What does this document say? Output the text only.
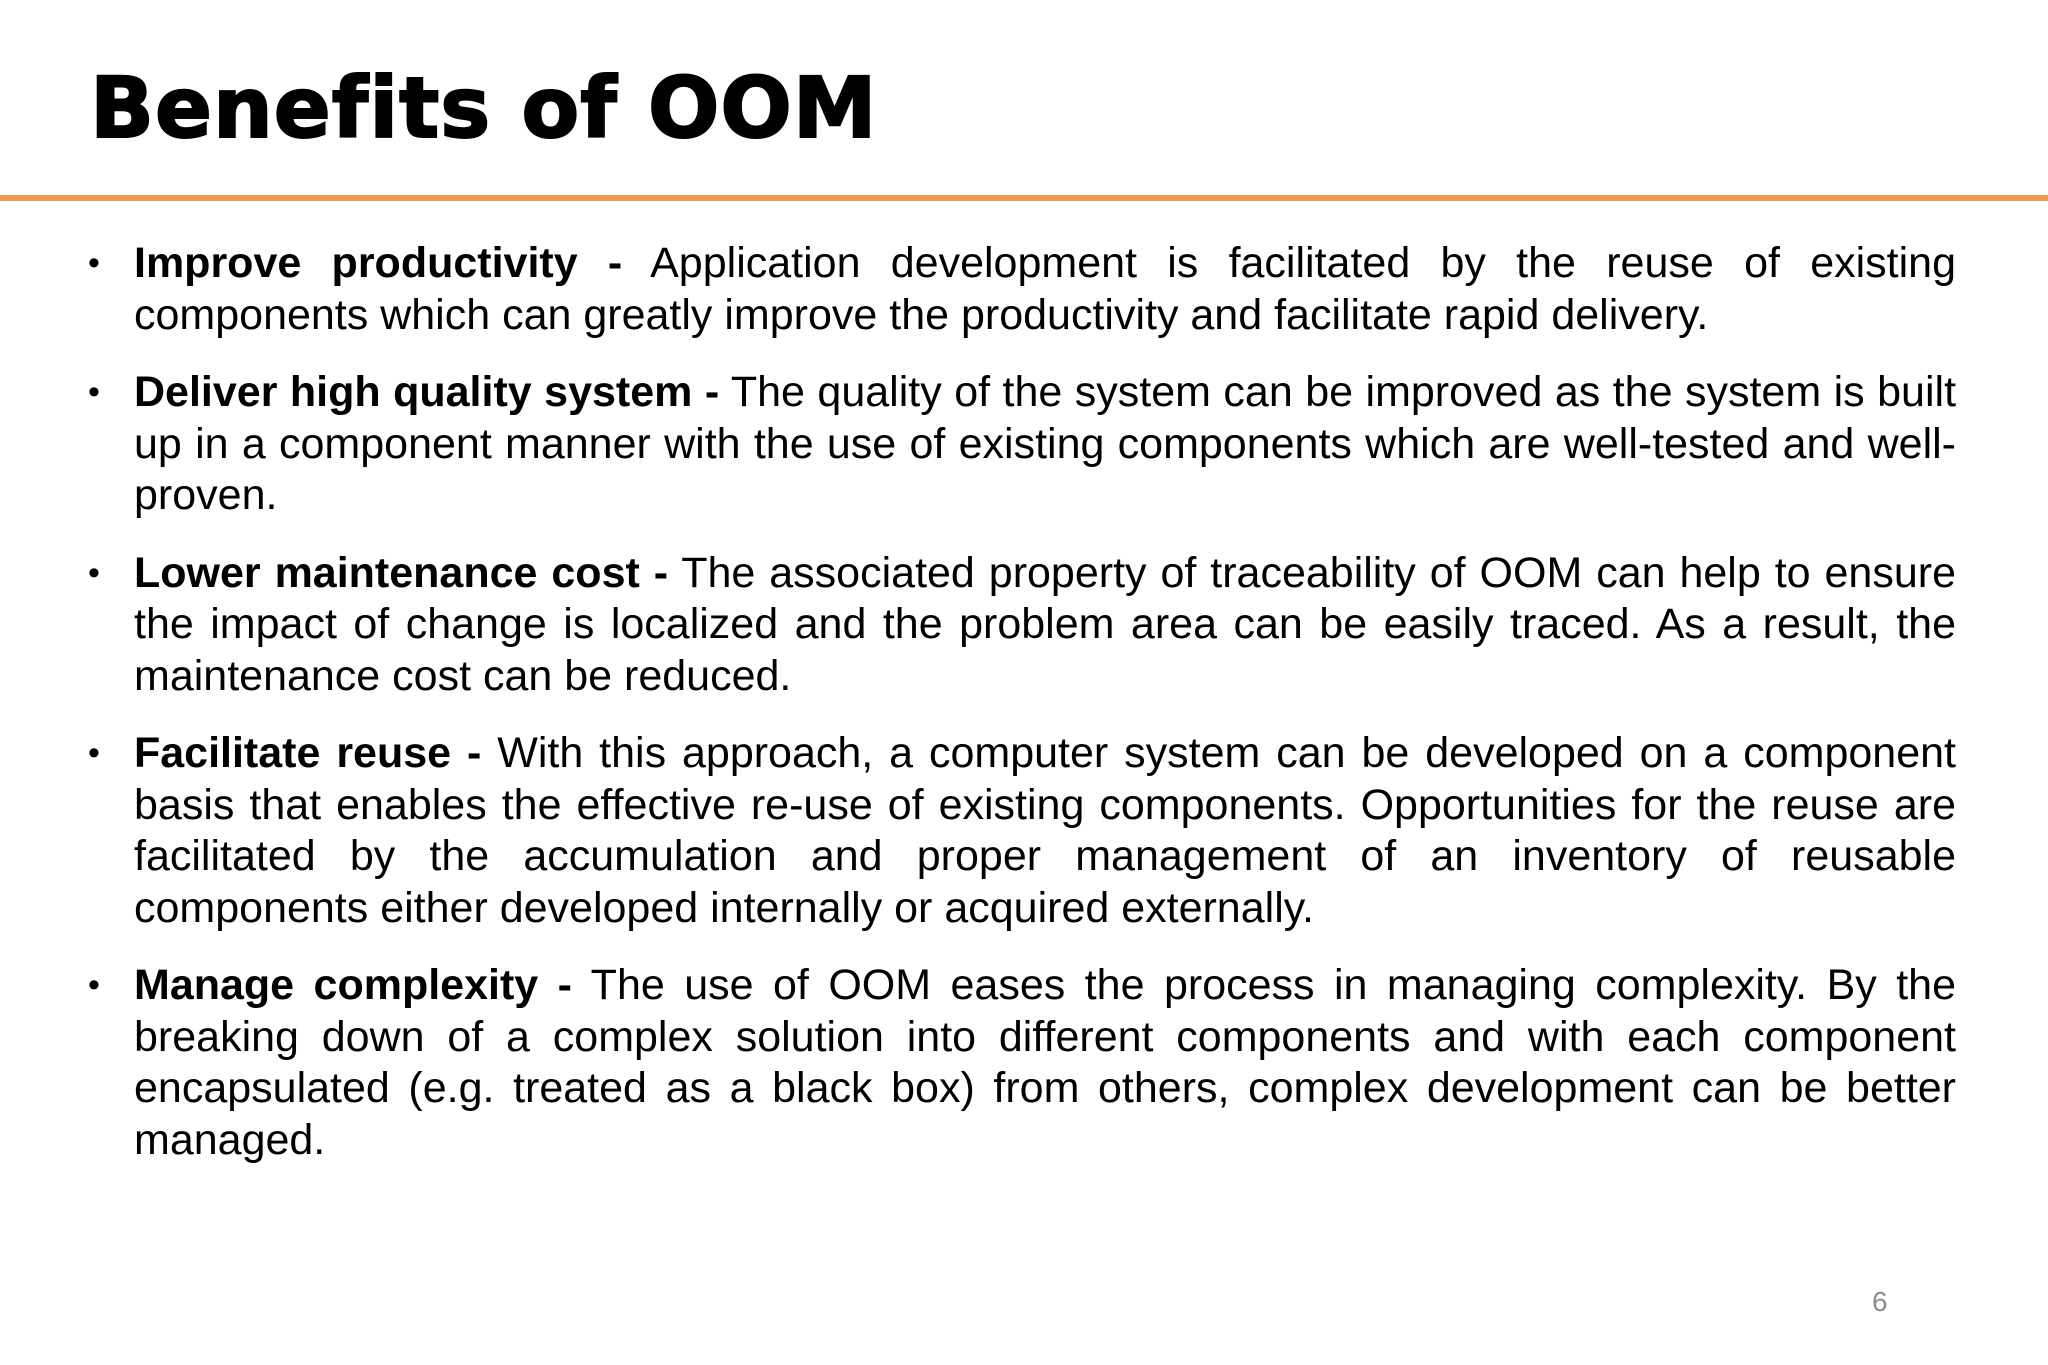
Benefits of OOM
• Improve productivity - Application development is facilitated by the reuse of existing components which can greatly improve the productivity and facilitate rapid delivery.
• Deliver high quality system - The quality of the system can be improved as the system is built up in a component manner with the use of existing components which are well-tested and well-proven.
• Lower maintenance cost - The associated property of traceability of OOM can help to ensure the impact of change is localized and the problem area can be easily traced. As a result, the maintenance cost can be reduced.
• Facilitate reuse - With this approach, a computer system can be developed on a component basis that enables the effective re-use of existing components. Opportunities for the reuse are facilitated by the accumulation and proper management of an inventory of reusable components either developed internally or acquired externally.
• Manage complexity - The use of OOM eases the process in managing complexity. By the breaking down of a complex solution into different components and with each component encapsulated (e.g. treated as a black box) from others, complex development can be better managed.
6
